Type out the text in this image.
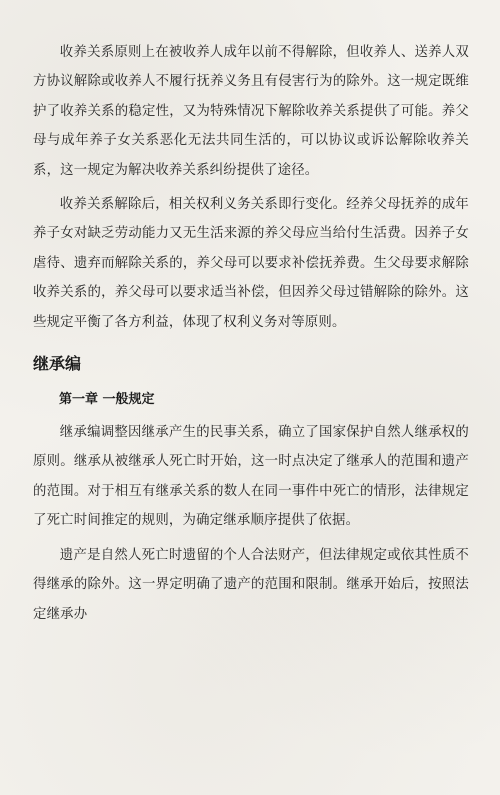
收养关系原则上在被收养人成年以前不得解除，但收养人、送养人双方协议解除或收养人不履行抚养义务且有侵害行为的除外。这一规定既维护了收养关系的稳定性，又为特殊情况下解除收养关系提供了可能。养父母与成年养子女关系恶化无法共同生活的，可以协议或诉讼解除收养关系，这一规定为解决收养关系纠纷提供了途径。

收养关系解除后，相关权利义务关系即行变化。经养父母抚养的成年养子女对缺乏劳动能力又无生活来源的养父母应当给付生活费。因养子女虐待、遗弃而解除关系的，养父母可以要求补偿抚养费。生父母要求解除收养关系的，养父母可以要求适当补偿，但因养父母过错解除的除外。这些规定平衡了各方利益，体现了权利义务对等原则。

继承编
第一章 一般规定

继承编调整因继承产生的民事关系，确立了国家保护自然人继承权的原则。继承从被继承人死亡时开始，这一时点决定了继承人的范围和遗产的范围。对于相互有继承关系的数人在同一事件中死亡的情形，法律规定了死亡时间推定的规则，为确定继承顺序提供了依据。

遗产是自然人死亡时遗留的个人合法财产，但法律规定或依其性质不得继承的除外。这一界定明确了遗产的范围和限制。继承开始后，按照法定继承办
